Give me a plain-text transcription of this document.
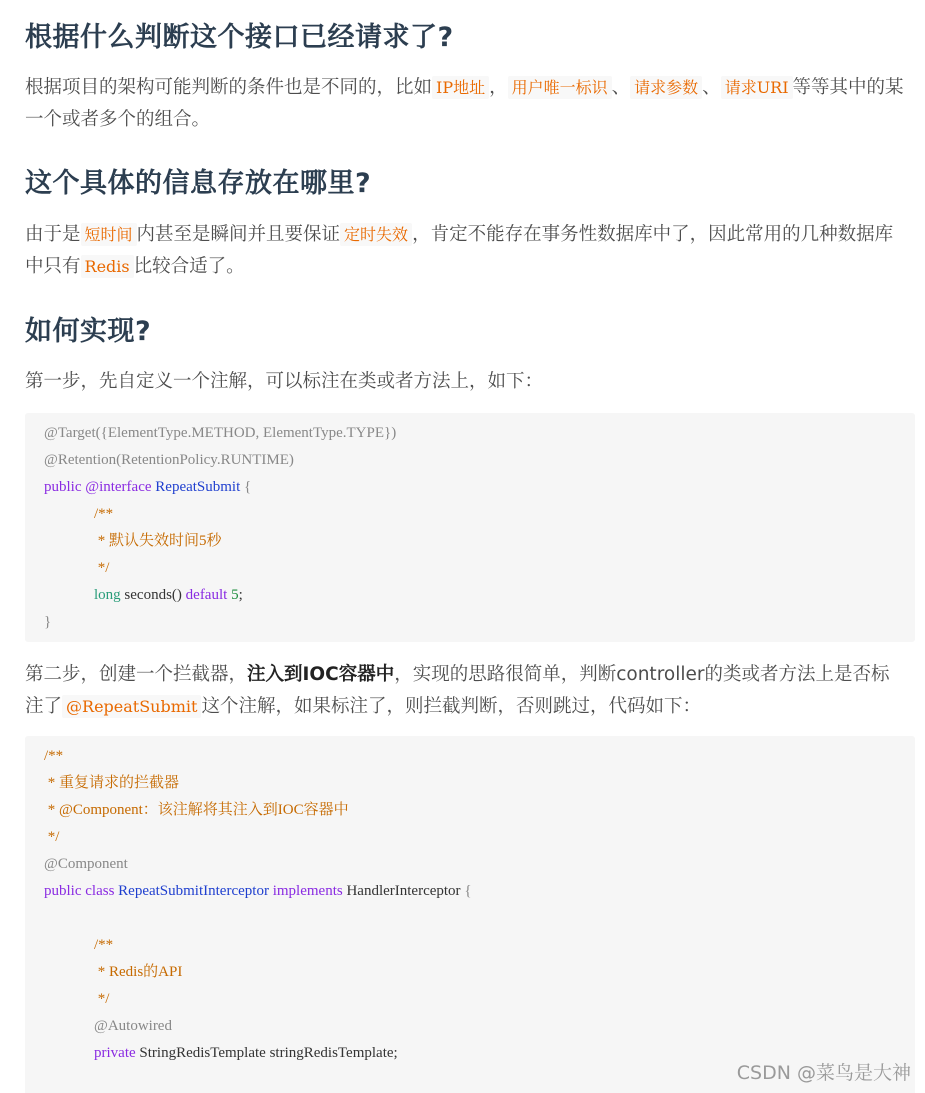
根据什么判断这个接口已经请求了?

根据项目的架构可能判断的条件也是不同的，比如 IP地址 ， 用户唯一标识 、 请求参数 、 请求URI 等等其中的某一个或者多个的组合。

这个具体的信息存放在哪里?

由于是 短时间 内甚至是瞬间并且要保证 定时失效 ，肯定不能存在事务性数据库中了，因此常用的几种数据库中只有 Redis 比较合适了。

如何实现?

第一步，先自定义一个注解，可以标注在类或者方法上，如下：

@Target({ElementType.METHOD, ElementType.TYPE})
@Retention(RetentionPolicy.RUNTIME)
public @interface RepeatSubmit {
/**
* 默认失效时间5秒
*/
long seconds() default 5;
}

第二步，创建一个拦截器，注入到IOC容器中，实现的思路很简单，判断controller的类或者方法上是否标注了 @RepeatSubmit 这个注解，如果标注了，则拦截判断，否则跳过，代码如下：

/**
* 重复请求的拦截器
* @Component：该注解将其注入到IOC容器中
*/
@Component
public class RepeatSubmitInterceptor implements HandlerInterceptor {
/**
* Redis的API
*/
@Autowired
private StringRedisTemplate stringRedisTemplate;
CSDN @菜鸟是大神
